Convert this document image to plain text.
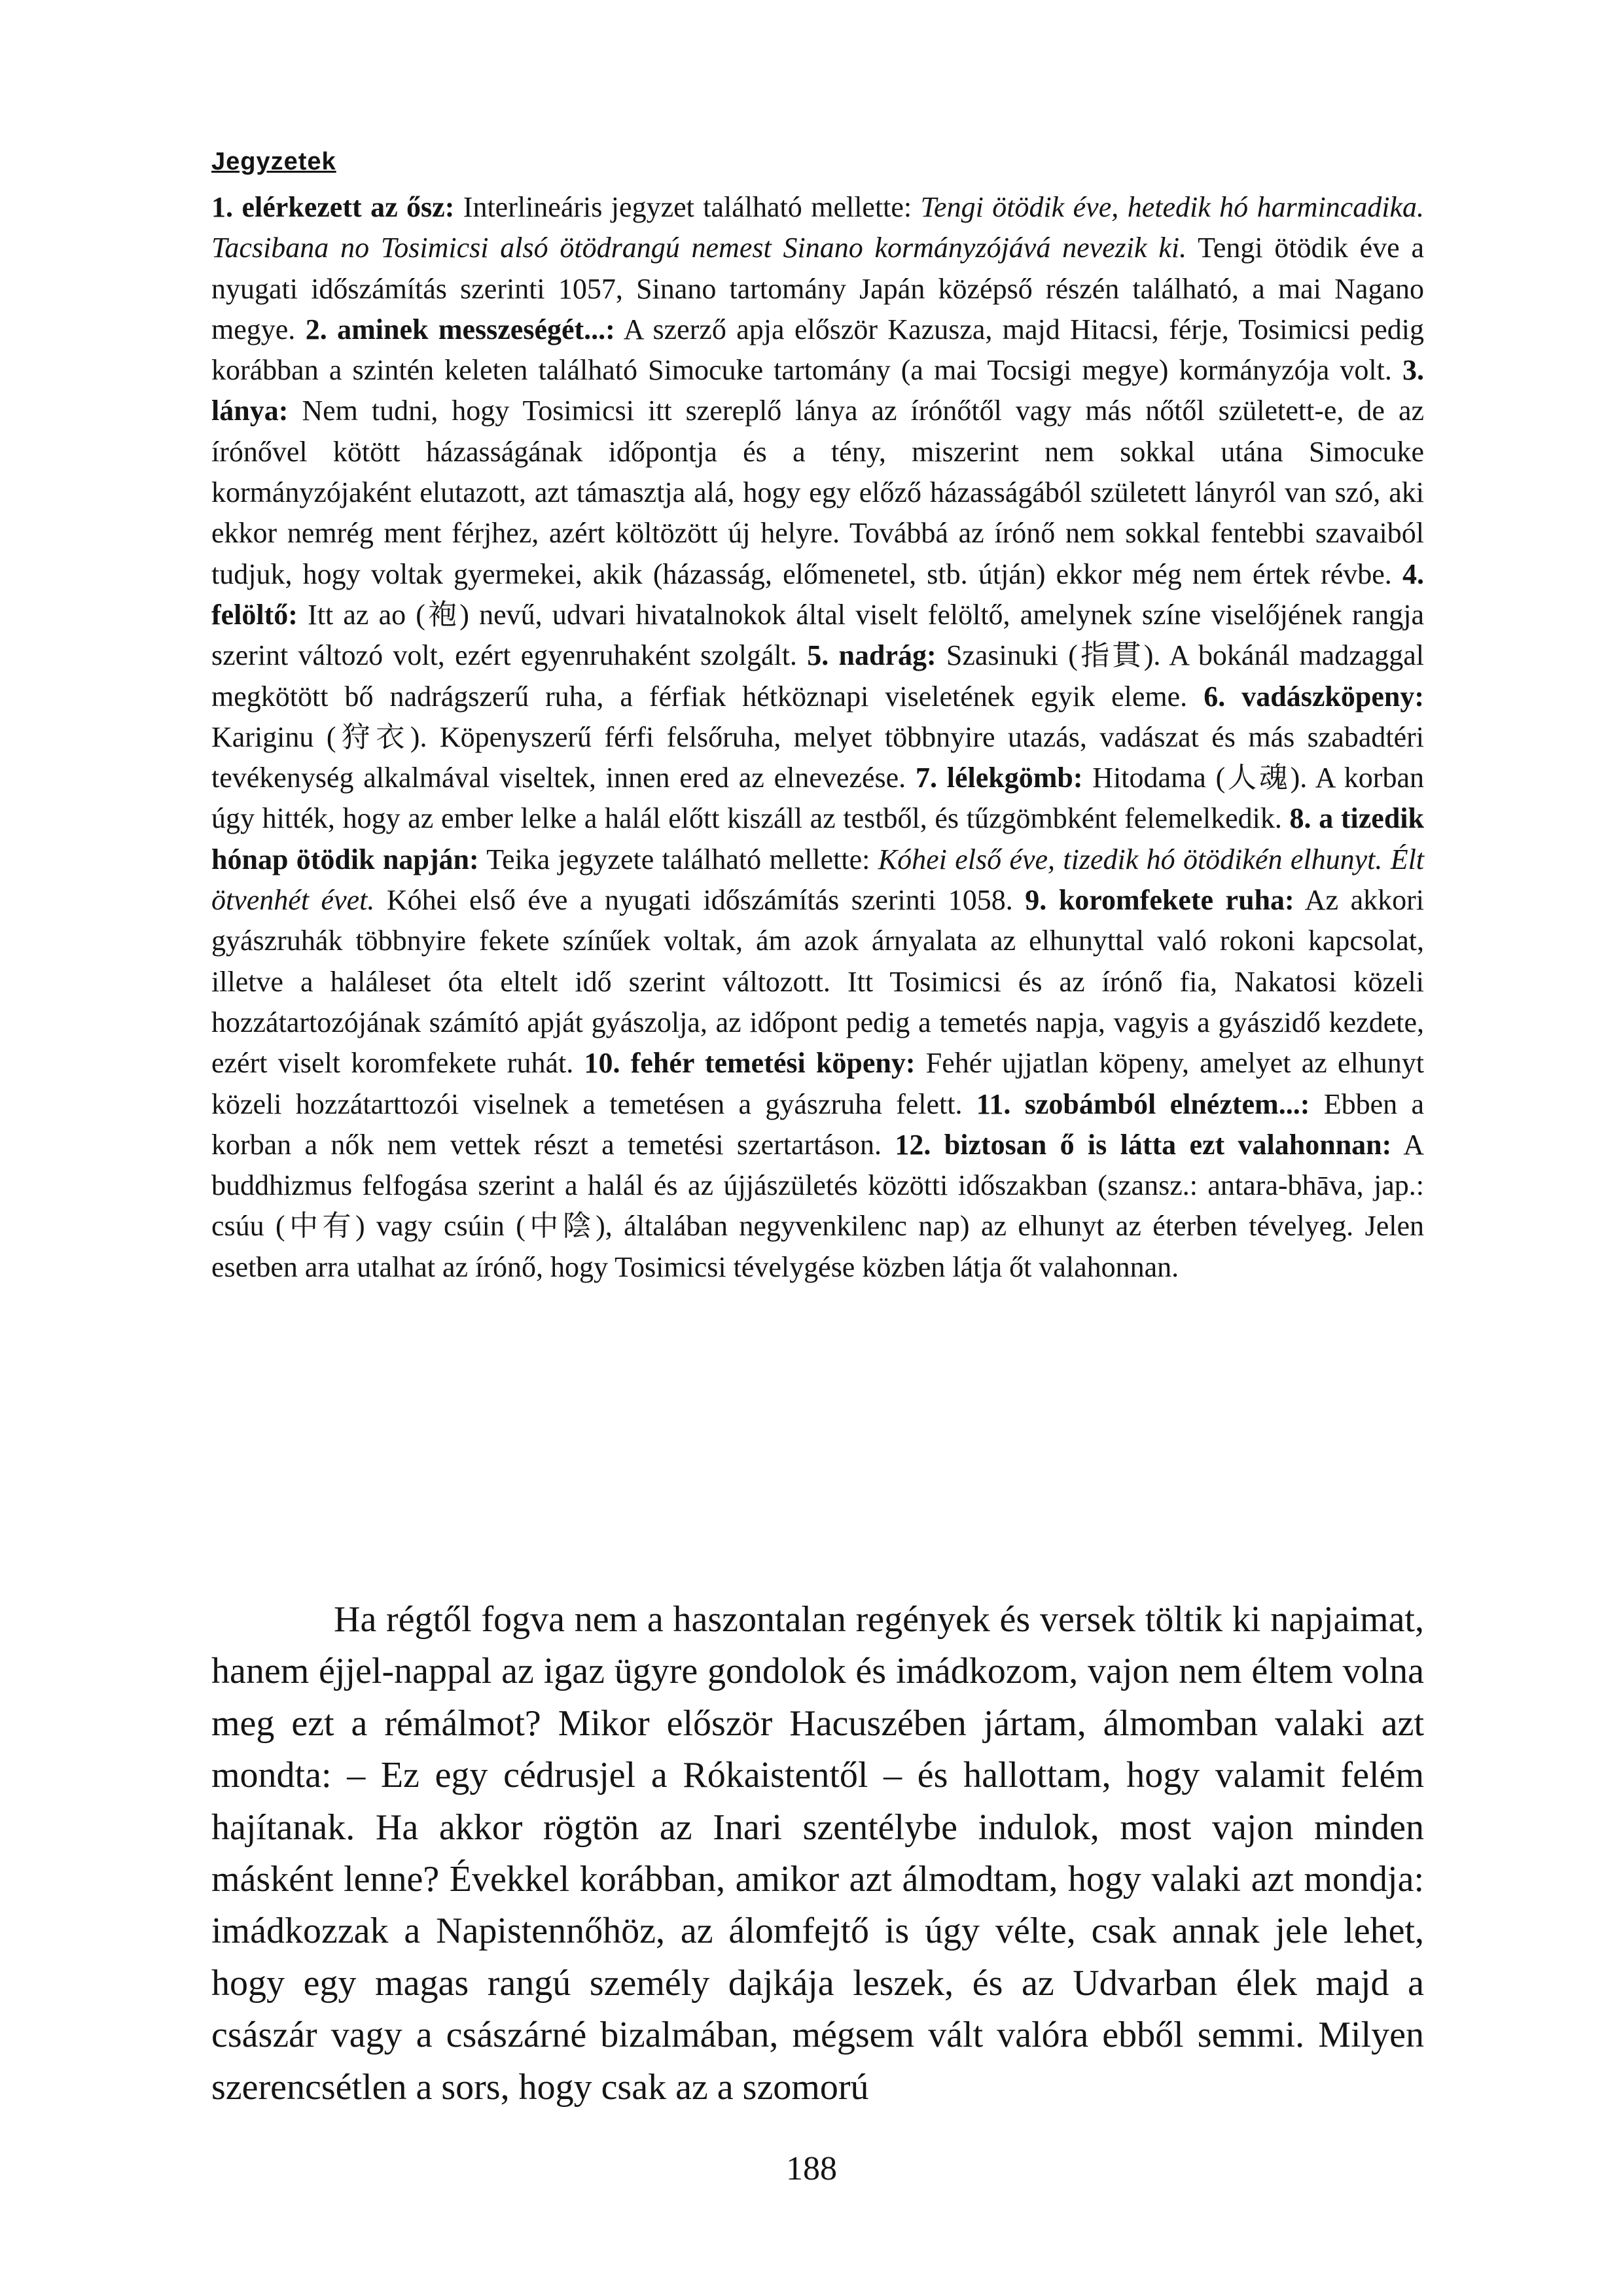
Jegyzetek

1. elérkezett az ősz: Interlineáris jegyzet található mellette: Tengi ötödik éve, hetedik hó harmincadika. Tacsibana no Tosimicsi alsó ötödrangú nemest Sinano kormányzójává nevezik ki. Tengi ötödik éve a nyugati időszámítás szerinti 1057, Sinano tartomány Japán középső részén található, a mai Nagano megye. 2. aminek messzeségét...: A szerző apja először Kazusza, majd Hitacsi, férje, Tosimicsi pedig korábban a szintén keleten található Simocuke tartomány (a mai Tocsigi megye) kormányzója volt. 3. lánya: Nem tudni, hogy Tosimicsi itt szereplő lánya az írónőtől vagy más nőtől született-e, de az írónővel kötött házasságának időpontja és a tény, miszerint nem sokkal utána Simocuke kormányzójaként elutazott, azt támasztja alá, hogy egy előző házasságából született lányról van szó, aki ekkor nemrég ment férjhez, azért költözött új helyre. Továbbá az írónő nem sokkal fentebbi szavaiból tudjuk, hogy voltak gyermekei, akik (házasság, előmenetel, stb. útján) ekkor még nem értek révbe. 4. felöltő: Itt az ao (袍) nevű, udvari hivatalnokok által viselt felöltő, amelynek színe viselőjének rangja szerint változó volt, ezért egyenruhaként szolgált. 5. nadrág: Szasinuki (指貫). A bokánál madzaggal megkötött bő nadrágszerű ruha, a férfiak hétköznapi viseletének egyik eleme. 6. vadászköpeny: Kariginu (狩衣). Köpenyszerű férfi felsőruha, melyet többnyire utazás, vadászat és más szabadtéri tevékenység alkalmával viseltek, innen ered az elnevezése. 7. lélekgömb: Hitodama (人魂). A korban úgy hitték, hogy az ember lelke a halál előtt kiszáll az testből, és tűzgömbként felemelkedik. 8. a tizedik hónap ötödik napján: Teika jegyzete található mellette: Kóhei első éve, tizedik hó ötödikén elhunyt. Élt ötvenhét évet. Kóhei első éve a nyugati időszámítás szerinti 1058. 9. koromfekete ruha: Az akkori gyászruhák többnyire fekete színűek voltak, ám azok árnyalata az elhunyttal való rokoni kapcsolat, illetve a haláleset óta eltelt idő szerint változott. Itt Tosimicsi és az írónő fia, Nakatosi közeli hozzátartozójának számító apját gyászolja, az időpont pedig a temetés napja, vagyis a gyászidő kezdete, ezért viselt koromfekete ruhát. 10. fehér temetési köpeny: Fehér ujjatlan köpeny, amelyet az elhunyt közeli hozzátarttozói viselnek a temetésen a gyászruha felett. 11. szobámból elnéztem...: Ebben a korban a nők nem vettek részt a temetési szertartáson. 12. biztosan ő is látta ezt valahonnan: A buddhizmus felfogása szerint a halál és az újjászületés közötti időszakban (szansz.: antara-bhāva, jap.: csúu (中有) vagy csúin (中陰), általában negyvenkilenc nap) az elhunyt az éterben tévelyeg. Jelen esetben arra utalhat az írónő, hogy Tosimicsi tévelygése közben látja őt valahonnan.

Ha régtől fogva nem a haszontalan regények és versek töltik ki napjaimat, hanem éjjel-nappal az igaz ügyre gondolok és imádkozom, vajon nem éltem volna meg ezt a rémálmot? Mikor először Hacuszében jártam, álmomban valaki azt mondta: – Ez egy cédrusjel a Rókaistentől – és hallottam, hogy valamit felém hajítanak. Ha akkor rögtön az Inari szentélybe indulok, most vajon minden másként lenne? Évekkel korábban, amikor azt álmodtam, hogy valaki azt mondja: imádkozzak a Napistennőhöz, az álomfejtő is úgy vélte, csak annak jele lehet, hogy egy magas rangú személy dajkája leszek, és az Udvarban élek majd a császár vagy a császárné bizalmában, mégsem vált valóra ebből semmi. Milyen szerencsétlen a sors, hogy csak az a szomorú

188
